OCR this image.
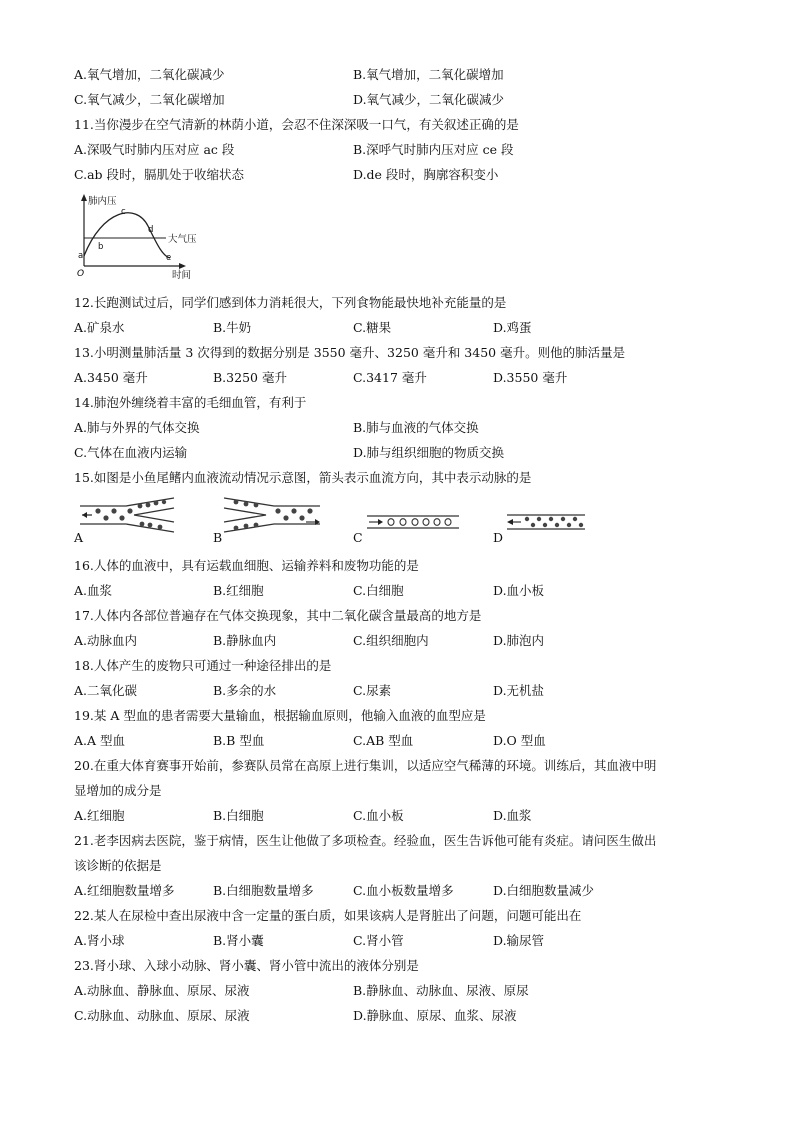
A.氧气增加，二氧化碳减少	B.氧气增加，二氧化碳增加
C.氧气减少，二氧化碳增加	D.氧气减少，二氧化碳减少
11.当你漫步在空气清新的林荫小道，会忍不住深深吸一口气，有关叙述正确的是
A.深吸气时肺内压对应 ac 段	B.深呼气时肺内压对应 ce 段
C.ab 段时，膈肌处于收缩状态	D.de 段时，胸廓容积变小
肺内压
大气压
时间
O
a
b
c
d
e
12.长跑测试过后，同学们感到体力消耗很大，下列食物能最快地补充能量的是
A.矿泉水	B.牛奶	C.糖果	D.鸡蛋
13.小明测量肺活量 3 次得到的数据分别是 3550 毫升、3250 毫升和 3450 毫升。则他的肺活量是
A.3450 毫升	B.3250 毫升	C.3417 毫升	D.3550 毫升
14.肺泡外缠绕着丰富的毛细血管，有利于
A.肺与外界的气体交换	B.肺与血液的气体交换
C.气体在血液内运输	D.肺与组织细胞的物质交换
15.如图是小鱼尾鳍内血液流动情况示意图，箭头表示血流方向，其中表示动脉的是
A	B	C	D
16.人体的血液中，具有运载血细胞、运输养料和废物功能的是
A.血浆	B.红细胞	C.白细胞	D.血小板
17.人体内各部位普遍存在气体交换现象，其中二氧化碳含量最高的地方是
A.动脉血内	B.静脉血内	C.组织细胞内	D.肺泡内
18.人体产生的废物只可通过一种途径排出的是
A.二氧化碳	B.多余的水	C.尿素	D.无机盐
19.某 A 型血的患者需要大量输血，根据输血原则，他输入血液的血型应是
A.A 型血	B.B 型血	C.AB 型血	D.O 型血
20.在重大体育赛事开始前，参赛队员常在高原上进行集训，以适应空气稀薄的环境。训练后，其血液中明
显增加的成分是
A.红细胞	B.白细胞	C.血小板	D.血浆
21.老李因病去医院，鉴于病情，医生让他做了多项检查。经验血，医生告诉他可能有炎症。请问医生做出
该诊断的依据是
A.红细胞数量增多	B.白细胞数量增多	C.血小板数量增多	D.白细胞数量减少
22.某人在尿检中查出尿液中含一定量的蛋白质，如果该病人是肾脏出了问题，问题可能出在
A.肾小球	B.肾小囊	C.肾小管	D.输尿管
23.肾小球、入球小动脉、肾小囊、肾小管中流出的液体分别是
A.动脉血、静脉血、原尿、尿液	B.静脉血、动脉血、尿液、原尿
C.动脉血、动脉血、原尿、尿液	D.静脉血、原尿、血浆、尿液
